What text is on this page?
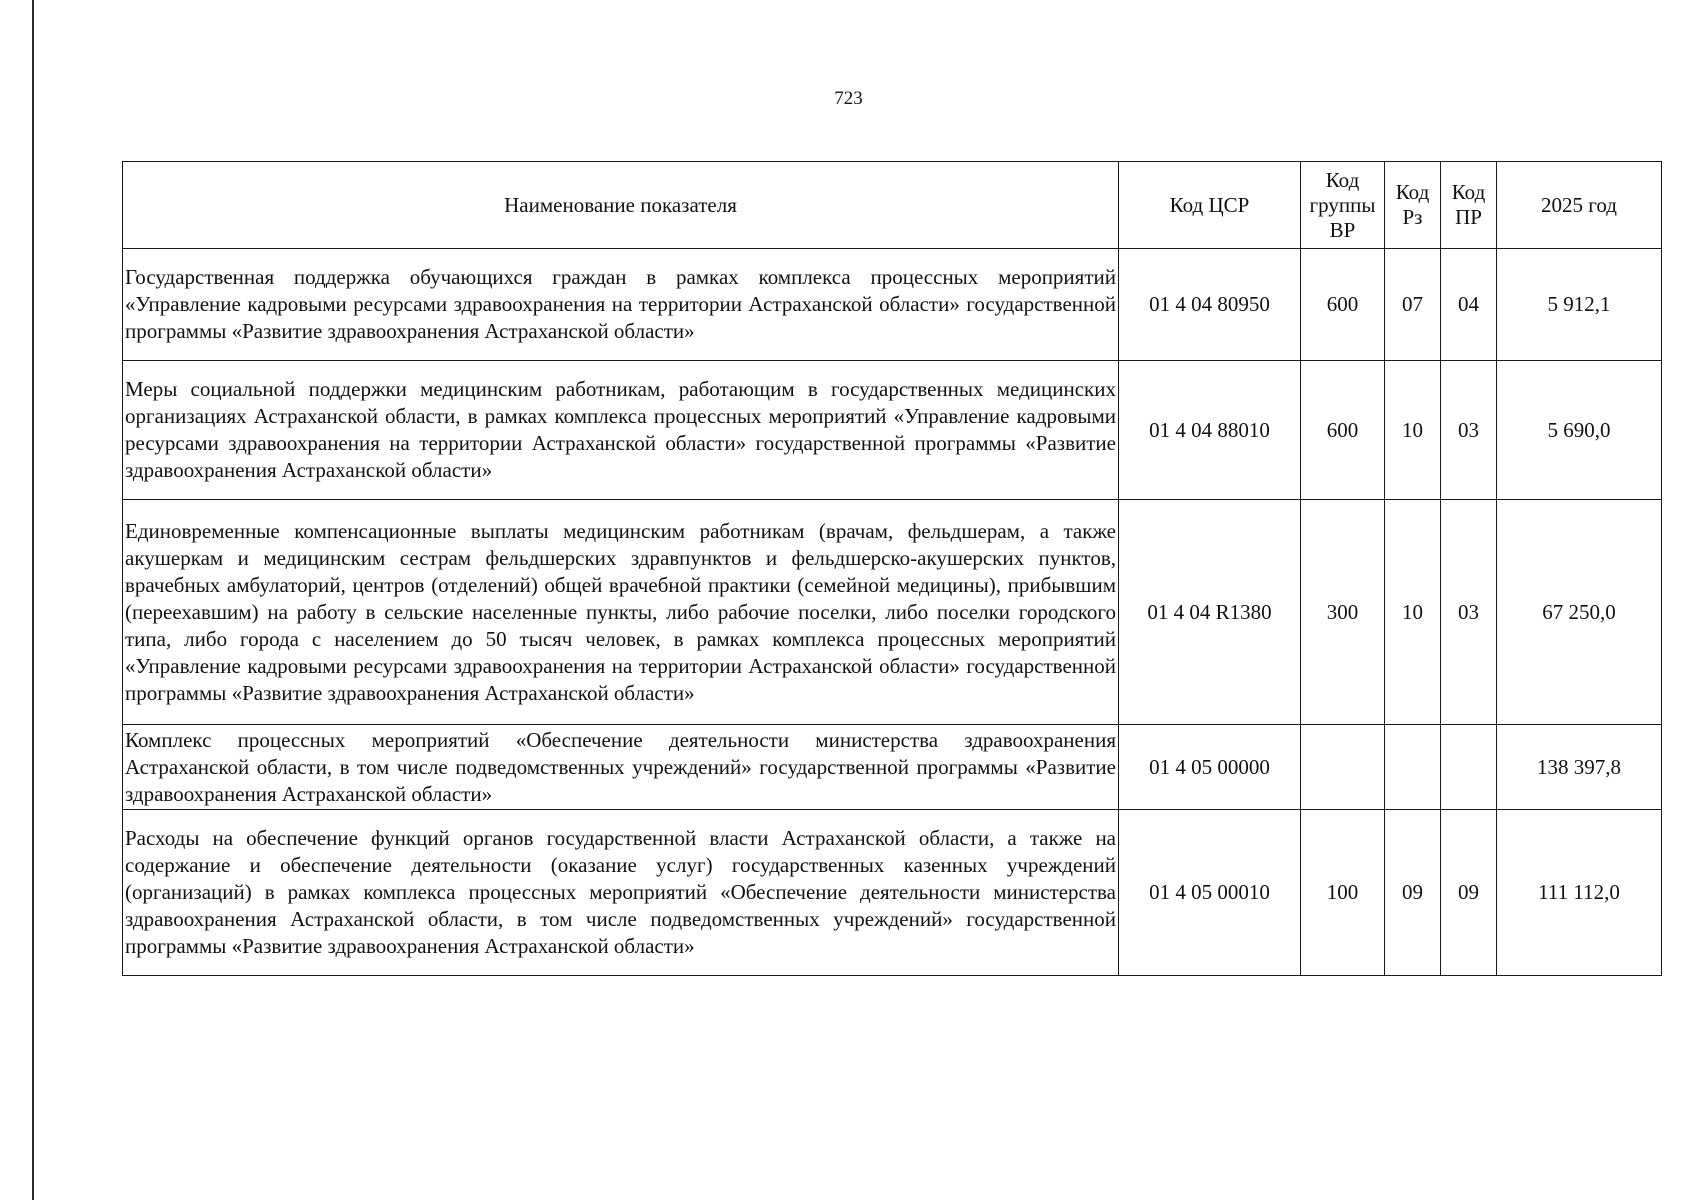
723
Наименование показателя	Код ЦСР	Код группы ВР	Код Рз	Код ПР	2025 год
Государственная поддержка обучающихся граждан в рамках комплекса процессных мероприятий «Управление кадровыми ресурсами здравоохранения на территории Астраханской области» государственной программы «Развитие здравоохранения Астраханской области»	01 4 04 80950	600	07	04	5 912,1
Меры социальной поддержки медицинским работникам, работающим в государственных медицинских организациях Астраханской области, в рамках комплекса процессных мероприятий «Управление кадровыми ресурсами здравоохранения на территории Астраханской области» государственной программы «Развитие здравоохранения Астраханской области»	01 4 04 88010	600	10	03	5 690,0
Единовременные компенсационные выплаты медицинским работникам (врачам, фельдшерам, а также акушеркам и медицинским сестрам фельдшерских здравпунктов и фельдшерско-акушерских пунктов, врачебных амбулаторий, центров (отделений) общей врачебной практики (семейной медицины), прибывшим (переехавшим) на работу в сельские населенные пункты, либо рабочие поселки, либо поселки городского типа, либо города с населением до 50 тысяч человек, в рамках комплекса процессных мероприятий «Управление кадровыми ресурсами здравоохранения на территории Астраханской области» государственной программы «Развитие здравоохранения Астраханской области»	01 4 04 R1380	300	10	03	67 250,0
Комплекс процессных мероприятий «Обеспечение деятельности министерства здравоохранения Астраханской области, в том числе подведомственных учреждений» государственной программы «Развитие здравоохранения Астраханской области»	01 4 05 00000				138 397,8
Расходы на обеспечение функций органов государственной власти Астраханской области, а также на содержание и обеспечение деятельности (оказание услуг) государственных казенных учреждений (организаций) в рамках комплекса процессных мероприятий «Обеспечение деятельности министерства здравоохранения Астраханской области, в том числе подведомственных учреждений» государственной программы «Развитие здравоохранения Астраханской области»	01 4 05 00010	100	09	09	111 112,0
